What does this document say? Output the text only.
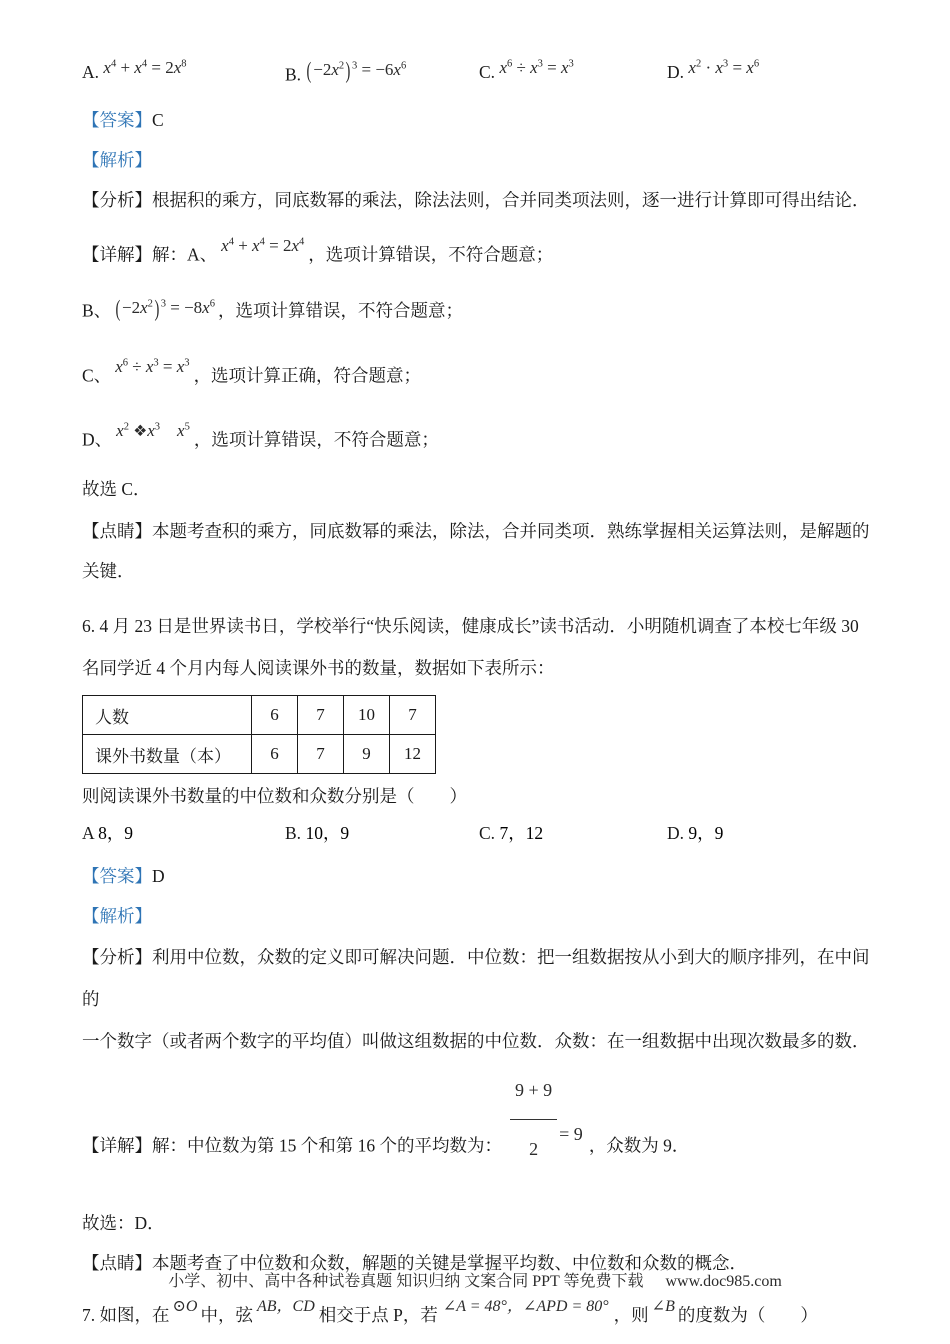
A. $x^4 + x^4 = 2x^8$
B. $(-2x^2)^3 = -6x^6$	C. $x^6 \div x^3 = x^3$	D. $x^2 \cdot x^3 = x^6$
【答案】C
【解析】
【分析】根据积的乘方，同底数幂的乘法，除法法则，合并同类项法则，逐一进行计算即可得出结论．
【详解】解：A、 $x^4 + x^4 = 2x^4$，选项计算错误，不符合题意；
B、 $(-2x^2)^3 = -8x^6$ ，选项计算错误，不符合题意；
C、 $x^6 \div x^3 = x^3$，选项计算正确，符合题意；
D、 $x^2$ $❖x^3$    $x^5$，选项计算错误，不符合题意；
故选 C．
【点睛】本题考查积的乘方，同底数幂的乘法，除法，合并同类项．熟练掌握相关运算法则，是解题的关键．
6. 4 月 23 日是世界读书日，学校举行“快乐阅读，健康成长”读书活动．小明随机调查了本校七年级 30
名同学近 4 个月内每人阅读课外书的数量，数据如下表所示：
人数	6	7	10	7
课外书数量（本）	6	7	9	12
则阅读课外书数量的中位数和众数分别是（　　）
A 8，9	B. 10，9	C. 7，12	D. 9，9
【答案】D
【解析】
【分析】利用中位数，众数的定义即可解决问题．中位数：把一组数据按从小到大的顺序排列，在中间的
一个数字（或者两个数字的平均值）叫做这组数据的中位数．众数：在一组数据中出现次数最多的数．
【详解】解：中位数为第 15 个和第 16 个的平均数为： $\frac{9 + 9}{2} = 9$，众数为 9．
故选：D．
【点睛】本题考查了中位数和众数，解题的关键是掌握平均数、中位数和众数的概念．
7. 如图，在 ⊙O 中，弦 AB，CD 相交于点 P，若 ∠A = 48°，∠APD = 80° ，则 ∠B 的度数为（　　）
小学、初中、高中各种试卷真题 知识归纳 文案合同 PPT 等免费下载 www.doc985.com
